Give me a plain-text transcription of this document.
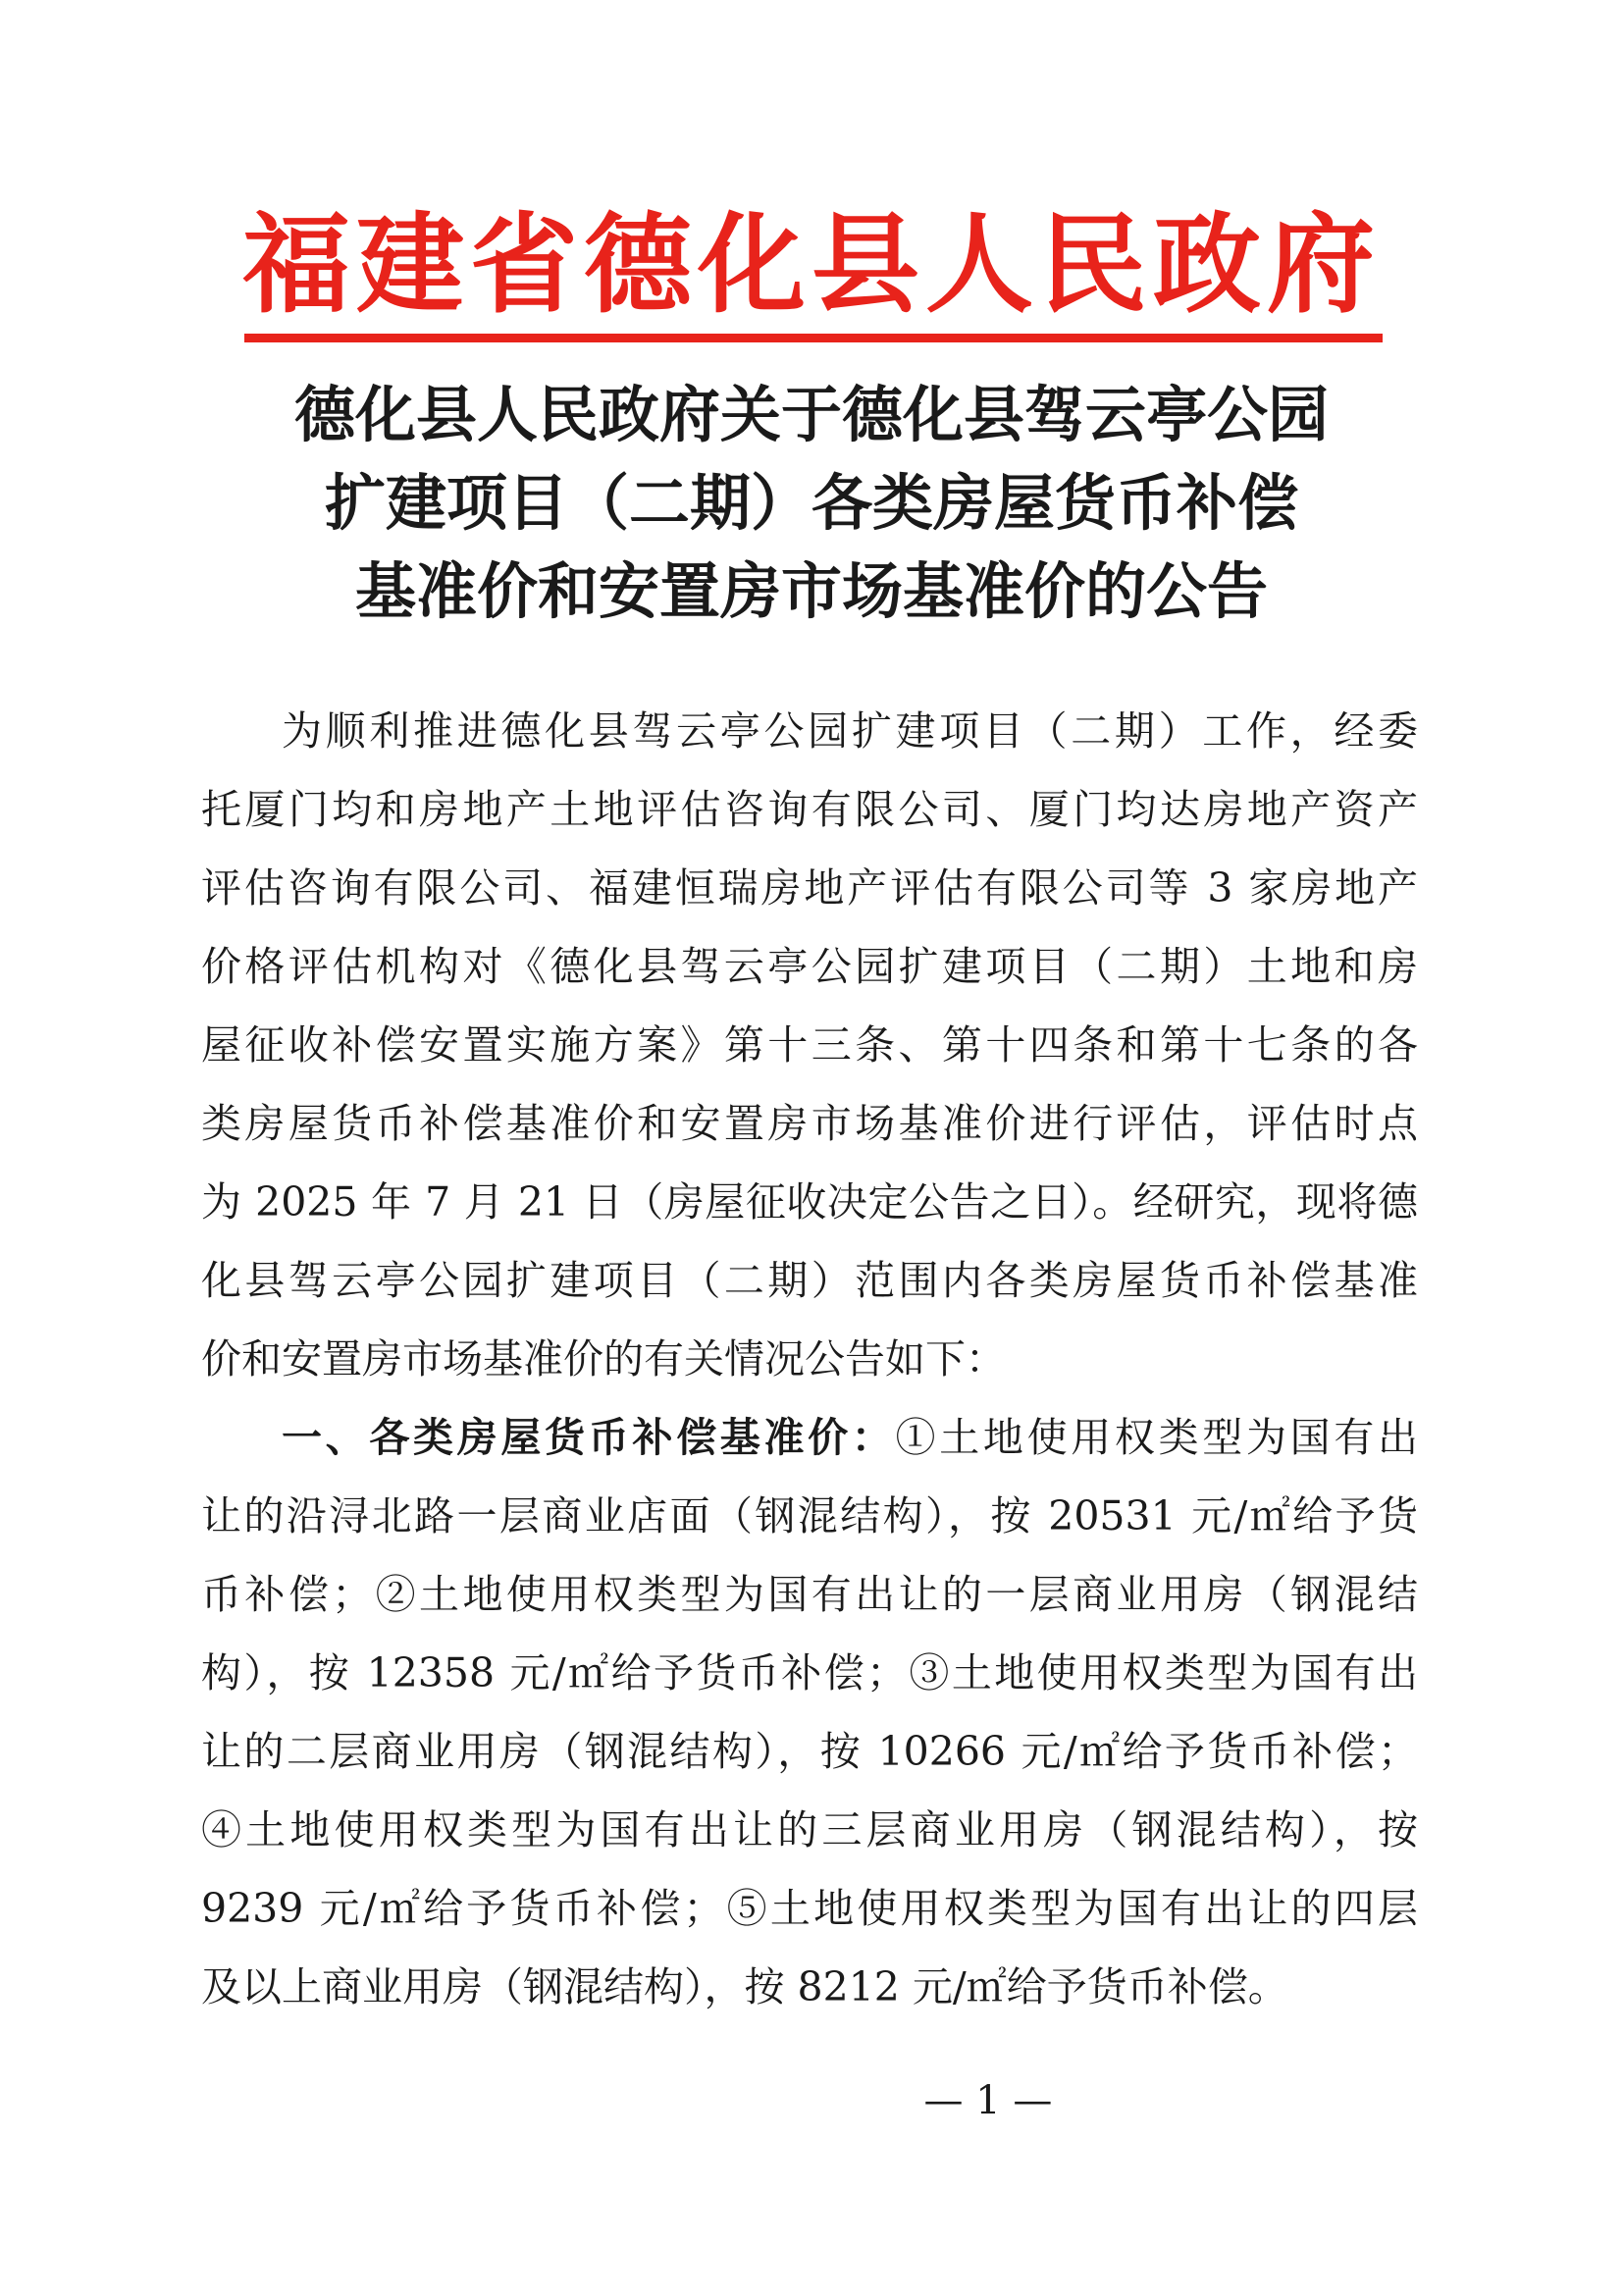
福建省德化县人民政府
德化县人民政府关于德化县驾云亭公园
扩建项目（二期）各类房屋货币补偿
基准价和安置房市场基准价的公告
为顺利推进德化县驾云亭公园扩建项目（二期）工作，经委
托厦门均和房地产土地评估咨询有限公司、厦门均达房地产资产
评估咨询有限公司、福建恒瑞房地产评估有限公司等 3 家房地产
价格评估机构对《德化县驾云亭公园扩建项目（二期）土地和房
屋征收补偿安置实施方案》第十三条、第十四条和第十七条的各
类房屋货币补偿基准价和安置房市场基准价进行评估，评估时点
为 2025 年 7 月 21 日（房屋征收决定公告之日）。经研究，现将德
化县驾云亭公园扩建项目（二期）范围内各类房屋货币补偿基准
价和安置房市场基准价的有关情况公告如下：
一、各类房屋货币补偿基准价：①土地使用权类型为国有出
让的沿浔北路一层商业店面（钢混结构），按 20531 元/㎡给予货
币补偿；②土地使用权类型为国有出让的一层商业用房（钢混结
构），按 12358 元/㎡给予货币补偿；③土地使用权类型为国有出
让的二层商业用房（钢混结构），按 10266 元/㎡给予货币补偿；
④土地使用权类型为国有出让的三层商业用房（钢混结构），按
9239 元/㎡给予货币补偿；⑤土地使用权类型为国有出让的四层
及以上商业用房（钢混结构），按 8212 元/㎡给予货币补偿。
— 1 —
